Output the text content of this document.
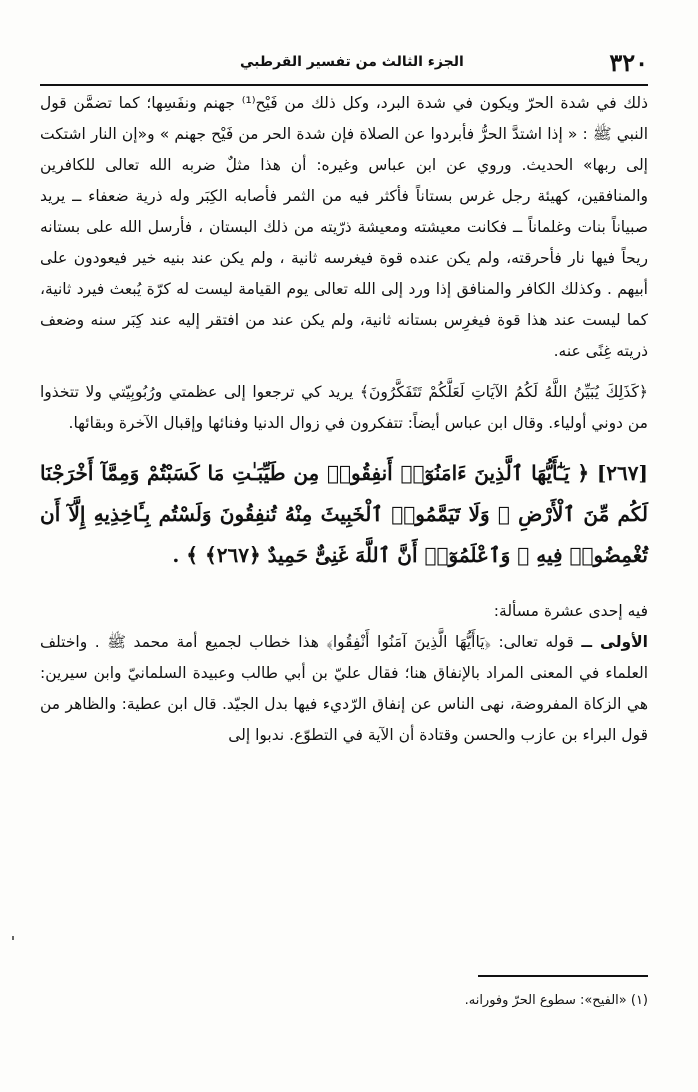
٣٢٠
الجزء الثالث من تفسير القرطبي

ذلك في شدة الحرّ ويكون في شدة البرد، وكل ذلك من فَيْح⁽¹⁾ جهنم ونفَسِها؛ كما تضمَّن قول النبي ﷺ : « إذا اشتدَّ الحرُّ فأبردوا عن الصلاة فإن شدة الحر من فَيْح جهنم » و«إن النار اشتكت إلى ربها» الحديث. وروي عن ابن عباس وغيره: أن هذا مثلٌ ضربه الله تعالى للكافرين والمنافقين، كهيئة رجل غرس بستاناً فأكثر فيه من الثمر فأصابه الكِبَر وله ذرية ضعفاء ــ يريد صبياناً بنات وغلماناً ــ فكانت معيشته ومعيشة ذرّيته من ذلك البستان ، فأرسل الله على بستانه ريحاً فيها نار فأحرقته، ولم يكن عنده قوة فيغرسه ثانية ، ولم يكن عند بنيه خير فيعودون على أبيهم . وكذلك الكافر والمنافق إذا ورد إلى الله تعالى يوم القيامة ليست له كرّة يُبعث فيرد ثانية، كما ليست عند هذا قوة فيغرِس بستانه ثانية، ولم يكن عند من افتقر إليه عند كِبَر سنه وضعف ذريته غِنًى عنه.

﴿كَذَلِكَ يُبَيِّنُ اللَّهُ لَكُمُ الآيَاتِ لَعَلَّكُمْ تَتَفَكَّرُونَ﴾ يريد كي ترجعوا إلى عظمتي ورُبُوبِيّتي ولا تتخذوا من دوني أولياء. وقال ابن عباس أيضاً: تتفكرون في زوال الدنيا وفنائها وإقبال الآخرة وبقائها.

[٢٦٧] ﴿ يَـٰٓأَيُّهَا ٱلَّذِينَ ءَامَنُوٓا۟ أَنفِقُوا۟ مِن طَيِّبَـٰتِ مَا كَسَبْتُمْ وَمِمَّآ أَخْرَجْنَا لَكُم مِّنَ ٱلْأَرْضِ ۖ وَلَا تَيَمَّمُوا۟ ٱلْخَبِيثَ مِنْهُ تُنفِقُونَ وَلَسْتُم بِـَٔاخِذِيهِ إِلَّآ أَن تُغْمِضُوا۟ فِيهِ ۚ وَٱعْلَمُوٓا۟ أَنَّ ٱللَّهَ غَنِىٌّ حَمِيدٌ ﴿٢٦٧﴾ ﴾ .

فيه إحدى عشرة مسألة:

الأولى ــ قوله تعالى: ﴿يَاأَيُّهَا الَّذِينَ آمَنُوا أَنْفِقُوا﴾ هذا خطاب لجميع أمة محمد ﷺ . واختلف العلماء في المعنى المراد بالإنفاق هنا؛ فقال عليّ بن أبي طالب وعبيدة السلمانيّ وابن سيرين: هي الزكاة المفروضة، نهى الناس عن إنفاق الرّديء فيها بدل الجيّد. قال ابن عطية: والظاهر من قول البراء بن عازب والحسن وقتادة أن الآية في التطوّع. ندبوا إلى

(١) «الفيح»: سطوع الحرّ وفورانه.
